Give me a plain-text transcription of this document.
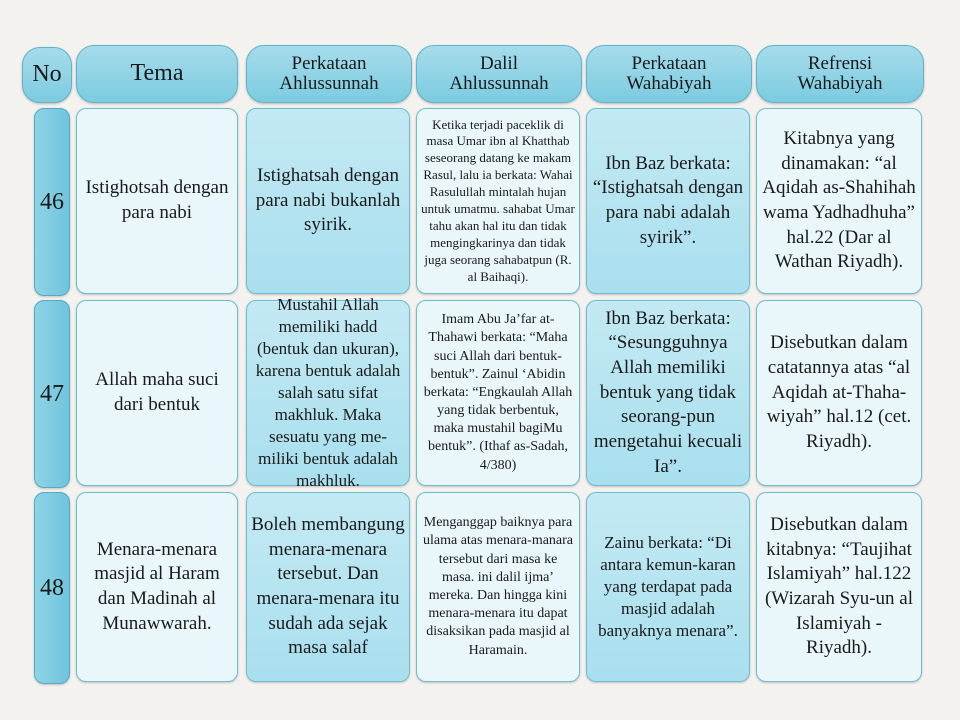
No	Tema	Perkataan Ahlussunnah
Dalil Ahlussunnah
Perkataan Wahabiyah
Refrensi Wahabiyah
46
Istighotsah dengan para nabi
Istighatsah dengan para nabi bukanlah syirik.
Ketika terjadi paceklik di masa Umar ibn al Khatthab seseorang datang ke makam Rasul, lalu ia berkata: Wahai Rasulullah mintalah hujan untuk umatmu. sahabat Umar tahu akan hal itu dan tidak mengingkarinya dan tidak juga seorang sahabatpun (R. al Baihaqi).
Ibn Baz berkata: “Istighatsah dengan para nabi adalah syirik”.
Kitabnya yang dinamakan: “al Aqidah as-Shahihah wama Yadhadhuha” hal.22 (Dar al Wathan Riyadh).
47
Allah maha suci dari bentuk
Mustahil Allah memiliki hadd (bentuk dan ukuran), karena bentuk adalah salah satu sifat makhluk. Maka sesuatu yang me-miliki bentuk adalah makhluk.
Imam Abu Ja’far at-Thahawi berkata: “Maha suci Allah dari bentuk-bentuk”. Zainul ‘Abidin berkata: “Engkaulah Allah yang tidak berbentuk, maka mustahil bagiMu bentuk”. (Ithaf as-Sadah, 4/380)
Ibn Baz berkata: “Sesungguhnya Allah memiliki bentuk yang tidak seorang-pun mengetahui kecuali Ia”.
Disebutkan dalam catatannya atas “al Aqidah at-Thaha-wiyah” hal.12 (cet. Riyadh).
48
Menara-menara masjid al Haram dan Madinah al Munawwarah.
Boleh membangung menara-menara tersebut. Dan menara-menara itu sudah ada sejak masa salaf
Menganggap baiknya para ulama atas menara-manara tersebut dari masa ke masa. ini dalil ijma’ mereka. Dan hingga kini menara-menara itu dapat disaksikan pada masjid al Haramain.
Zainu berkata: “Di antara kemun-karan yang terdapat pada masjid adalah banyaknya menara”.
Disebutkan dalam kitabnya: “Taujihat Islamiyah” hal.122 (Wizarah Syu-un al Islamiyah - Riyadh).
